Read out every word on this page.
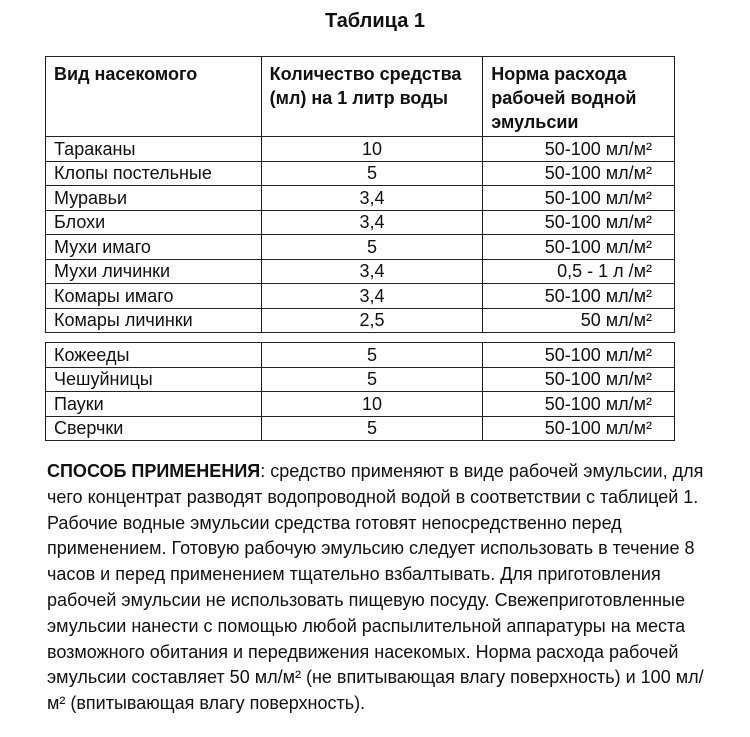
Таблица 1
Вид насекомого	Количество средства (мл) на 1 литр воды	Норма расхода рабочей водной эмульсии
Тараканы	10	50-100 мл/м²
Клопы постельные	5	50-100 мл/м²
Муравьи	3,4	50-100 мл/м²
Блохи	3,4	50-100 мл/м²
Мухи имаго	5	50-100 мл/м²
Мухи личинки	3,4	0,5 - 1 л /м²
Комары имаго	3,4	50-100 мл/м²
Комары личинки	2,5	50 мл/м²

Кожееды	5	50-100 мл/м²
Чешуйницы	5	50-100 мл/м²
Пауки	10	50-100 мл/м²
Сверчки	5	50-100 мл/м²
СПОСОБ ПРИМЕНЕНИЯ: средство применяют в виде рабочей эмульсии, для чего концентрат разводят водопроводной водой в соответствии с таблицей 1. Рабочие водные эмульсии средства готовят непосредственно перед применением. Готовую рабочую эмульсию следует использовать в течение 8 часов и перед применением тщательно взбалтывать. Для приготовления рабочей эмульсии не использовать пищевую посуду. Свежеприготовленные эмульсии нанести с помощью любой распылительной аппаратуры на места возможного обитания и передвижения насекомых. Норма расхода рабочей эмульсии составляет 50 мл/м² (не впитывающая влагу поверхность) и 100 мл/м² (впитывающая влагу поверхность).
